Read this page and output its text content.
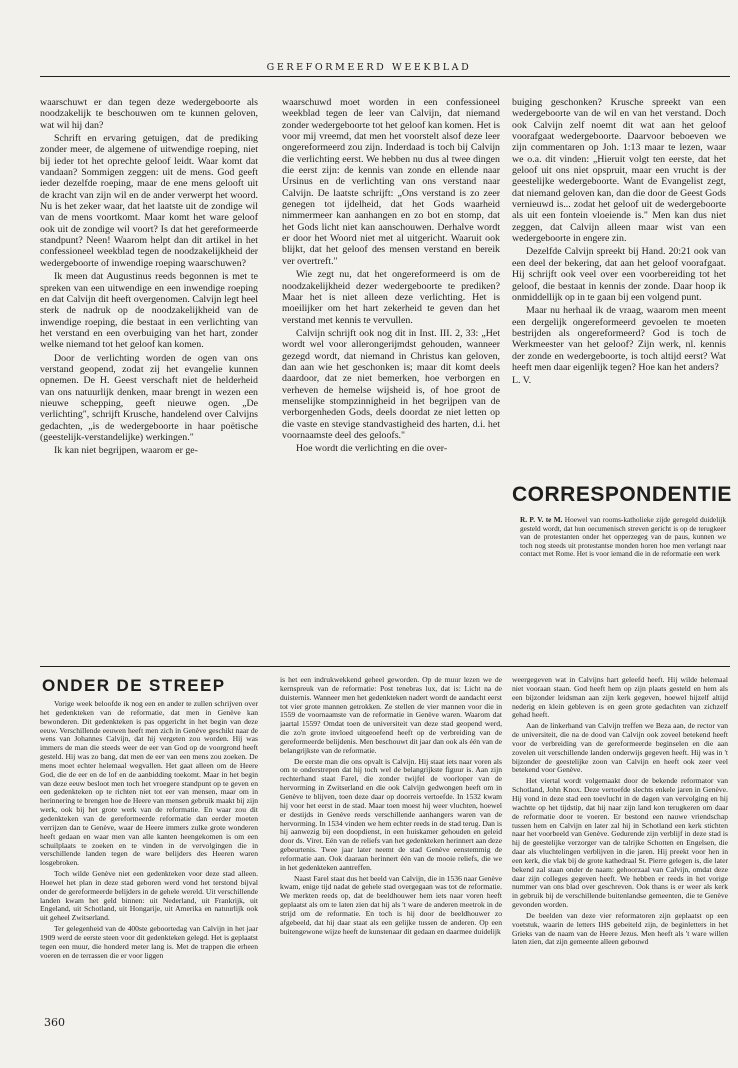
GEREFORMEERD WEEKBLAD

waarschuwt er dan tegen deze wedergeboorte als noodzakelijk te beschouwen om te kunnen geloven, wat wil hij dan?

Schrift en ervaring getuigen, dat de prediking zonder meer, de algemene of uitwendige roeping, niet bij ieder tot het oprechte geloof leidt. Waar komt dat vandaan? Sommigen zeggen: uit de mens. God geeft ieder dezelfde roeping, maar de ene mens gelooft uit de kracht van zijn wil en de ander verwerpt het woord. Nu is het zeker waar, dat het laatste uit de zondige wil van de mens voortkomt. Maar komt het ware geloof ook uit de zondige wil voort? Is dat het gereformeerde standpunt? Neen! Waarom helpt dan dit artikel in het confessioneel weekblad tegen de noodzakelijkheid der wedergeboorte of inwendige roeping waarschuwen?

Ik meen dat Augustinus reeds begonnen is met te spreken van een uitwendige en een inwendige roeping en dat Calvijn dit heeft overgenomen. Calvijn legt heel sterk de nadruk op de noodzakelijkheid van de inwendige roeping, die bestaat in een verlichting van het verstand en een overbuiging van het hart, zonder welke niemand tot het geloof kan komen.

Door de verlichting worden de ogen van ons verstand geopend, zodat zij het evangelie kunnen opnemen. De H. Geest verschaft niet de helderheid van ons natuurlijk denken, maar brengt in wezen een nieuwe schepping, geeft nieuwe ogen. „De verlichting", schrijft Krusche, handelend over Calvijns gedachten, „is de wedergeboorte in haar poëtische (geestelijk-verstandelijke) werkingen."

Ik kan niet begrijpen, waarom er ge-

waarschuwd moet worden in een confessioneel weekblad tegen de leer van Calvijn, dat niemand zonder wedergeboorte tot het geloof kan komen. Het is voor mij vreemd, dat men het voorstelt alsof deze leer ongereformeerd zou zijn. Inderdaad is toch bij Calvijn die verlichting eerst. We hebben nu dus al twee dingen die eerst zijn: de kennis van zonde en ellende naar Ursinus en de verlichting van ons verstand naar Calvijn. De laatste schrijft: „Ons verstand is zo zeer genegen tot ijdelheid, dat het Gods waarheid nimmermeer kan aanhangen en zo bot en stomp, dat het Gods licht niet kan aanschouwen. Derhalve wordt er door het Woord niet met al uitgericht. Waaruit ook blijkt, dat het geloof des mensen verstand en bereik ver overtreft."

Wie zegt nu, dat het ongereformeerd is om de noodzakelijkheid dezer wedergeboorte te prediken? Maar het is niet alleen deze verlichting. Het is moeilijker om het hart zekerheid te geven dan het verstand met kennis te vervullen.

Calvijn schrijft ook nog dit in Inst. III. 2, 33: „Het wordt wel voor allerongerijmdst gehouden, wanneer gezegd wordt, dat niemand in Christus kan geloven, dan aan wie het geschonken is; maar dit komt deels daardoor, dat ze niet bemerken, hoe verborgen en verheven de hemelse wijsheid is, of hoe groot de menselijke stompzinnigheid in het begrijpen van de verborgenheden Gods, deels doordat ze niet letten op die vaste en stevige standvastigheid des harten, d.i. het voornaamste deel des geloofs."

Hoe wordt die verlichting en die over-

buiging geschonken? Krusche spreekt van een wedergeboorte van de wil en van het verstand. Doch ook Calvijn zelf noemt dit wat aan het geloof voorafgaat wedergeboorte. Daarvoor beboeven we zijn commentaren op Joh. 1:13 maar te lezen, waar we o.a. dit vinden: „Hieruit volgt ten eerste, dat het geloof uit ons niet opspruit, maar een vrucht is der geestelijke wedergeboorte. Want de Evangelist zegt, dat niemand geloven kan, dan die door de Geest Gods vernieuwd is... zodat het geloof uit de wedergeboorte als uit een fontein vloeiende is." Men kan dus niet zeggen, dat Calvijn alleen maar wist van een wedergeboorte in engere zin.

Dezelfde Calvijn spreekt bij Hand. 20:21 ook van een deel der bekering, dat aan het geloof voorafgaat. Hij schrijft ook veel over een voorbereiding tot het geloof, die bestaat in kennis der zonde. Daar hoop ik onmiddellijk op in te gaan bij een volgend punt.

Maar nu herhaal ik de vraag, waarom men meent een dergelijk ongereformeerd gevoelen te moeten bestrijden als ongereformeerd? God is toch de Werkmeester van het geloof? Zijn werk, nl. kennis der zonde en wedergeboorte, is toch altijd eerst? Wat heeft men daar eigenlijk tegen? Hoe kan het anders?

L. V.

CORRESPONDENTIE
R. P. V. te M. Hoewel van rooms-katholieke zijde geregeld duidelijk gesteld wordt, dat hun oecumenisch streven gericht is op de terugkeer van de protestanten onder het opperzegeg van de paus, kunnen we toch nog steeds uit protestantse monden horen hoe men verlangt naar contact met Rome. Het is voor iemand die in de reformatie een werk
ONDER DE STREEP

Vorige week beloofde ik nog een en ander te zullen schrijven over het gedenkteken van de reformatie, dat men in Genève kan bewonderen. Dit gedenkteken is pas opgericht in het begin van deze eeuw. Verschillende eeuwen heeft men zich in Genève geschikt naar de wens van Johannes Calvijn, dat hij vergeten zou worden. Hij was immers de man die steeds weer de eer van God op de voorgrond heeft gesteld. Hij was zo bang, dat men de eer van een mens zou zoeken. De mens moet echter helemaal wegvallen. Het gaat alleen om de Heere God, die de eer en de lof en de aanbidding toekomt. Maar in het begin van deze eeuw besloot men toch het vroegere standpunt op te geven en een gedenkteken op te richten niet tot eer van mensen, maar om in herinnering te brengen hoe de Heere van mensen gebruik maakt bij zijn werk, ook bij het grote werk van de reformatie. En waar zou dit gedenkteken van de gereformeerde reformatie dan eerder moeten verrijzen dan te Genève, waar de Heere immers zulke grote wonderen heeft gedaan en waar men van alle kanten heengekomen is om een schuilplaats te zoeken en te vinden in de vervolgingen die in verschillende landen tegen de ware belijders des Heeren waren losgebroken.

Toch wilde Genève niet een gedenkteken voor deze stad alleen. Hoewel het plan in deze stad geboren werd vond het terstond bijval onder de gereformeerde belijders in de gehele wereld. Uit verschillende landen kwam het geld binnen: uit Nederland, uit Frankrijk, uit Engeland, uit Schotland, uit Hongarije, uit Amerika en natuurlijk ook uit geheel Zwitserland.

Ter gelegenheid van de 400ste geboortedag van Calvijn in het jaar 1909 werd de eerste steen voor dit gedenkteken gelegd. Het is geplaatst tegen een muur, die honderd meter lang is. Met de trappen die erheen voeren en de terrassen die er voor liggen

is het een indrukwekkend geheel geworden. Op de muur lezen we de kernspreuk van de reformatie: Post tenebras lux, dat is: Licht na de duisternis. Wanneer men het gedenkteken nadert wordt de aandacht eerst tot vier grote mannen getrokken. Ze stellen de vier mannen voor die in 1559 de voornaamste van de reformatie in Genève waren. Waarom dat jaartal 1559? Omdat toen de universiteit van deze stad geopend werd, die zo'n grote invloed uitgeoefend heeft op de verbreiding van de gereformeerde belijdenis. Men beschouwt dit jaar dan ook als één van de belangrijkste van de reformatie.

De eerste man die ons opvalt is Calvijn. Hij staat iets naar voren als om te onderstrepen dat hij toch wel de belangrijkste figuur is. Aan zijn rechterhand staat Farel, die zonder twijfel de voorloper van de hervorming in Zwitserland en die ook Calvijn gedwongen heeft om in Genève te blijven, toen deze daar op doorreis vertoefde. In 1532 kwam hij voor het eerst in de stad. Maar toen moest hij weer vluchten, hoewel er destijds in Genève reeds verschillende aanhangers waren van de hervorming. In 1534 vinden we hem echter reeds in de stad terug. Dan is hij aanwezig bij een doopdienst, in een huiskamer gehouden en geleid door ds. Viret. Eén van de reliefs van het gedenkteken herinnert aan deze gebeurtenis. Twee jaar later neemt de stad Genève eenstemmig de reformatie aan. Ook daaraan herinnert één van de mooie reliefs, die we in het gedenkteken aantreffen.

Naast Farel staat dus het beeld van Calvijn, die in 1536 naar Genève kwam, enige tijd nadat de gehele stad overgegaan was tot de reformatie. We merkten reeds op, dat de beeldhouwer hem iets naar voren heeft geplaatst als om te laten zien dat hij als 't ware de anderen meetrok in de strijd om de reformatie. En toch is hij door de beeldhouwer zo afgebeeld, dat hij daar staat als een gelijke tussen de anderen. Op een buitengewone wijze heeft de kunstenaar dit gedaan en daarmee duidelijk

weergegeven wat in Calvijns hart geleefd heeft. Hij wilde helemaal niet vooraan staan. God heeft hem op zijn plaats gesteld en hem als een bijzonder leidsman aan zijn kerk gegeven, hoewel hijzelf altijd nederig en klein gebleven is en geen grote gedachten van zichzelf gehad heeft.

Aan de linkerhand van Calvijn treffen we Beza aan, de rector van de universiteit, die na de dood van Calvijn ook zoveel betekend heeft voor de verbreiding van de gereformeerde beginselen en die aan zovelen uit verschillende landen onderwijs gegeven heeft. Hij was in 't bijzonder de geestelijke zoon van Calvijn en heeft ook zeer veel betekend voor Genève.

Het viertal wordt volgemaakt door de bekende reformator van Schotland, John Knox. Deze vertoefde slechts enkele jaren in Genève. Hij vond in deze stad een toevlucht in de dagen van vervolging en hij wachtte op het tijdstip, dat hij naar zijn land kon terugkeren om daar de reformatie door te voeren. Er bestond een nauwe vriendschap tussen hem en Calvijn en later zal hij in Schotland een kerk stichten naar het voorbeeld van Genève. Gedurende zijn verblijf in deze stad is hij de geestelijke verzorger van de talrijke Schotten en Engelsen, die daar als vluchtelingen verblijven in die jaren. Hij preekt voor hen in een kerk, die vlak bij de grote kathedraal St. Pierre gelegen is, die later bekend zal staan onder de naam: gehoorzaal van Calvijn, omdat deze daar zijn colleges gegeven heeft. We hebben er reeds in het vorige nummer van ons blad over geschreven. Ook thans is er weer als kerk in gebruik bij de verschillende buitenlandse gemeenten, die te Genève gevonden worden.

De beelden van deze vier reformatoren zijn geplaatst op een voetstuk, waarin de letters IHS gebeiteld zijn, de beginletters in het Grieks van de naam van de Heere Jezus. Men heeft als 't ware willen laten zien, dat zijn gemeente alleen gebouwd

360
